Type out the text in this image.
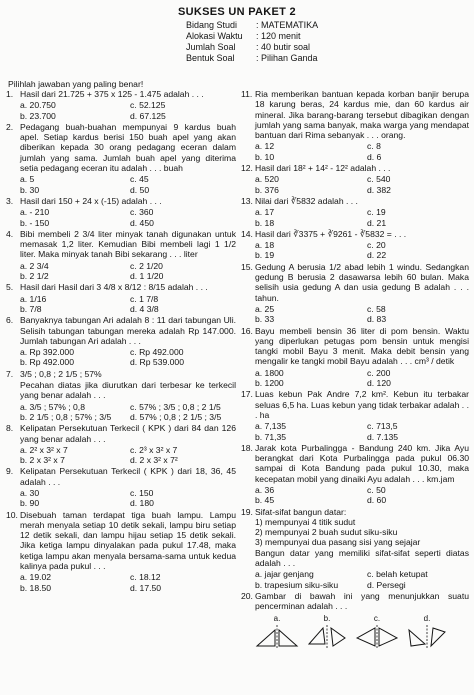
SUKSES UN PAKET 2
Bidang Studi	: MATEMATIKA
Alokasi Waktu	: 120 menit
Jumlah Soal	: 40 butir soal
Bentuk Soal	: Pilihan Ganda
Pilihlah jawaban yang paling benar!
1. Hasil dari 21.725 + 375 x 125 - 1.475 adalah . . .
a. 20.750	c. 52.125
b. 23.700	d. 67.125
2. Pedagang buah-buahan mempunyai 9 kardus buah apel. Setiap kardus berisi 150 buah apel yang akan diberikan kepada 30 orang pedagang eceran dalam jumlah yang sama. Jumlah buah apel yang diterima setia pedagang eceran itu adalah . . . buah
a. 5	c. 45
b. 30	d. 50
3. Hasil dari 150 + 24 x (-15) adalah . . .
a. - 210	c. 360
b. - 150	d. 450
4. Bibi membeli 2 3/4 liter minyak tanah digunakan untuk memasak 1,2 liter. Kemudian Bibi membeli lagi 1 1/2 liter. Maka minyak tanah Bibi sekarang . . . liter
a. 2 3/4	c. 2 1/20
b. 2 1/2	d. 1 1/20
5. Hasil dari Hasil dari 3 4/8 x 8/12 : 8/15 adalah . . .
a. 1/16	c. 1 7/8
b. 7/8	d. 4 3/8
6. Banyaknya tabungan Ari adalah 8 : 11 dari tabungan Uli. Selisih tabungan tabungan mereka adalah Rp 147.000. Jumlah tabungan Ari adalah . . .
a. Rp 392.000	c. Rp 492.000
b. Rp 492.000	d. Rp 539.000
7. 3/5 ; 0,8 ; 2 1/5 ; 57%
Pecahan diatas jika diurutkan dari terbesar ke terkecil yang benar adalah . . .
a. 3/5 ; 57% ; 0,8	c. 57% ; 3/5 ; 0,8 ; 2 1/5
b. 2 1/5 ; 0,8 ; 57% ; 3/5	d. 57% ; 0,8 ; 2 1/5 ; 3/5
8. Kelipatan Persekutuan Terkecil ( KPK ) dari 84 dan 126 yang benar adalah . . .
a. 2² x 3² x 7	c. 2³ x 3² x 7
b. 2 x 3² x 7	d. 2 x 3² x 7²
9. Kelipatan Persekutuan Terkecil ( KPK ) dari 18, 36, 45 adalah . . .
a. 30	c. 150
b. 90	d. 180
10. Disebuah taman terdapat tiga buah lampu. Lampu merah menyala setiap 10 detik sekali, lampu biru setiap 12 detik sekali, dan lampu hijau setiap 15 detik sekali. Jika ketiga lampu dinyalakan pada pukul 17.48, maka ketiga lampu akan menyala bersama-sama untuk kedua kalinya pada pukul . . .
a. 19.02	c. 18.12
b. 18.50	d. 17.50
11. Ria memberikan bantuan kepada korban banjir berupa 18 karung beras, 24 kardus mie, dan 60 kardus air mineral. Jika barang-barang tersebut dibagikan dengan jumlah yang sama banyak, maka warga yang mendapat bantuan dari Rima sebanyak . . . orang.
a. 12	c. 8
b. 10	d. 6
12. Hasil dari 18² + 14² - 12² adalah . . .
a. 520	c. 540
b. 376	d. 382
13. Nilai dari ∛5832 adalah . . .
a. 17	c. 19
b. 18	d. 21
14. Hasil dari ∛3375 + ∛9261 - ∛5832 = . . .
a. 18	c. 20
b. 19	d. 22
15. Gedung A berusia 1/2 abad lebih 1 windu. Sedangkan gedung B berusia 2 dasawarsa lebih 60 bulan. Maka selisih usia gedung A dan usia gedung B adalah . . . tahun.
a. 25	c. 58
b. 33	d. 83
16. Bayu membeli bensin 36 liter di pom bensin. Waktu yang diperlukan petugas pom bensin untuk mengisi tangki mobil Bayu 3 menit. Maka debit bensin yang mengalir ke tangki mobil Bayu adalah . . . cm³ / detik
a. 1800	c. 200
b. 1200	d. 120
17. Luas kebun Pak Andre 7,2 km². Kebun itu terbakar seluas 6,5 ha. Luas kebun yang tidak terbakar adalah . . . ha
a. 7,135	c. 713,5
b. 71,35	d. 7.135
18. Jarak kota Purbalingga - Bandung 240 km. Jika Ayu berangkat dari Kota Purbalingga pada pukul 06.30 sampai di Kota Bandung pada pukul 10.30, maka kecepatan mobil yang dinaiki Ayu adalah . . . km.jam
a. 36	c. 50
b. 45	d. 60
19. Sifat-sifat bangun datar:
1) mempunyai 4 titik sudut
2) mempunyai 2 buah sudut siku-siku
3) mempunyai dua pasang sisi yang sejajar
Bangun datar yang memiliki sifat-sifat seperti diatas adalah . . .
a. jajar genjang	c. belah ketupat
b. trapesium siku-siku	d. Persegi
20. Gambar di bawah ini yang menunjukkan suatu pencerminan adalah . . .
a.	b.	c.	d.
